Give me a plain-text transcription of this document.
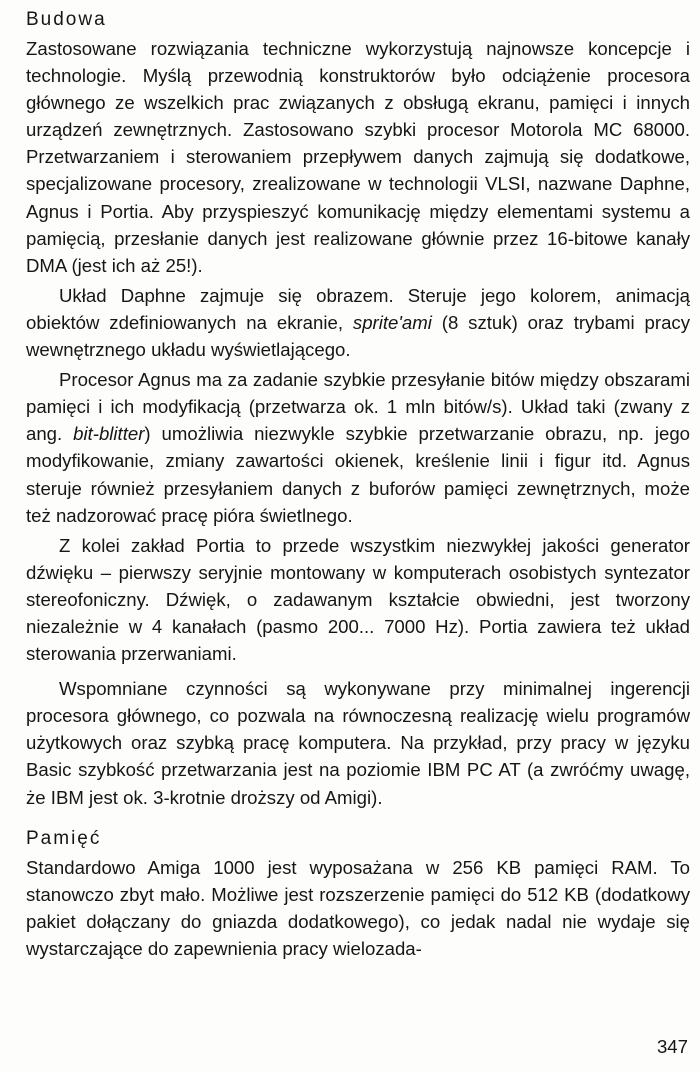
Budowa

Zastosowane rozwiązania techniczne wykorzystują najnowsze koncepcje i technologie. Myślą przewodnią konstruktorów było odciążenie procesora głównego ze wszelkich prac związanych z obsługą ekranu, pamięci i innych urządzeń zewnętrznych. Zastosowano szybki procesor Motorola MC 68000. Przetwarzaniem i sterowaniem przepływem danych zajmują się dodatkowe, specjalizowane procesory, zrealizowane w technologii VLSI, nazwane Daphne, Agnus i Portia. Aby przyspieszyć komunikację między elementami systemu a pamięcią, przesłanie danych jest realizowane głównie przez 16-bitowe kanały DMA (jest ich aż 25!).

Układ Daphne zajmuje się obrazem. Steruje jego kolorem, animacją obiektów zdefiniowanych na ekranie, sprite'ami (8 sztuk) oraz trybami pracy wewnętrznego układu wyświetlającego.

Procesor Agnus ma za zadanie szybkie przesyłanie bitów między obszarami pamięci i ich modyfikacją (przetwarza ok. 1 mln bitów/s). Układ taki (zwany z ang. bit-blitter) umożliwia niezwykle szybkie przetwarzanie obrazu, np. jego modyfikowanie, zmiany zawartości okienek, kreślenie linii i figur itd. Agnus steruje również przesyłaniem danych z buforów pamięci zewnętrznych, może też nadzorować pracę pióra świetlnego.

Z kolei zakład Portia to przede wszystkim niezwykłej jakości generator dźwięku – pierwszy seryjnie montowany w komputerach osobistych syntezator stereofoniczny. Dźwięk, o zadawanym kształcie obwiedni, jest tworzony niezależnie w 4 kanałach (pasmo 200... 7000 Hz). Portia zawiera też układ sterowania przerwaniami.

Wspomniane czynności są wykonywane przy minimalnej ingerencji procesora głównego, co pozwala na równoczesną realizację wielu programów użytkowych oraz szybką pracę komputera. Na przykład, przy pracy w języku Basic szybkość przetwarzania jest na poziomie IBM PC AT (a zwróćmy uwagę, że IBM jest ok. 3-krotnie droższy od Amigi).

Pamięć

Standardowo Amiga 1000 jest wyposażana w 256 KB pamięci RAM. To stanowczo zbyt mało. Możliwe jest rozszerzenie pamięci do 512 KB (dodatkowy pakiet dołączany do gniazda dodatkowego), co jedak nadal nie wydaje się wystarczające do zapewnienia pracy wielozada-

347
